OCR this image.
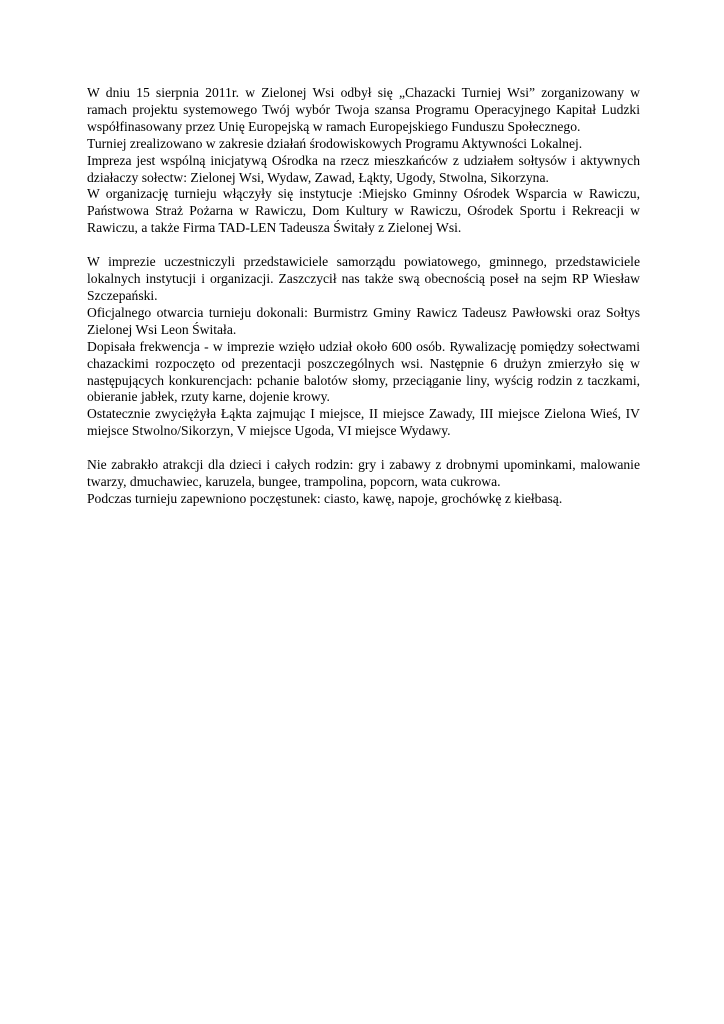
W dniu 15 sierpnia 2011r. w Zielonej Wsi odbył się „Chazacki Turniej Wsi” zorganizowany w ramach projektu systemowego Twój wybór Twoja szansa Programu Operacyjnego Kapitał Ludzki współfinasowany przez Unię Europejską w ramach Europejskiego Funduszu Społecznego.

Turniej zrealizowano w zakresie działań środowiskowych Programu Aktywności Lokalnej.

Impreza jest wspólną inicjatywą Ośrodka na rzecz mieszkańców z udziałem sołtysów i aktywnych działaczy sołectw: Zielonej Wsi, Wydaw, Zawad, Łąkty, Ugody, Stwolna, Sikorzyna.

W organizację turnieju włączyły się instytucje :Miejsko Gminny Ośrodek Wsparcia w Rawiczu, Państwowa Straż Pożarna w Rawiczu, Dom Kultury w Rawiczu, Ośrodek Sportu i Rekreacji w Rawiczu, a także Firma TAD-LEN Tadeusza Świtały z Zielonej Wsi.

W imprezie uczestniczyli przedstawiciele samorządu powiatowego, gminnego, przedstawiciele lokalnych instytucji i organizacji. Zaszczycił nas także swą obecnością poseł na sejm RP Wiesław Szczepański.

Oficjalnego otwarcia turnieju dokonali: Burmistrz Gminy Rawicz Tadeusz Pawłowski oraz Sołtys Zielonej Wsi Leon Świtała.

Dopisała frekwencja - w imprezie wzięło udział około 600 osób. Rywalizację pomiędzy sołectwami chazackimi rozpoczęto od prezentacji poszczególnych wsi. Następnie 6 drużyn zmierzyło się w następujących konkurencjach: pchanie balotów słomy, przeciąganie liny, wyścig rodzin z taczkami, obieranie jabłek, rzuty karne, dojenie krowy.

Ostatecznie zwyciężyła Łąkta zajmując I miejsce, II miejsce Zawady, III miejsce Zielona Wieś, IV miejsce Stwolno/Sikorzyn, V miejsce Ugoda, VI miejsce Wydawy.

Nie zabrakło atrakcji dla dzieci i całych rodzin: gry i zabawy z drobnymi upominkami, malowanie twarzy, dmuchawiec, karuzela, bungee, trampolina, popcorn, wata cukrowa.

Podczas turnieju zapewniono poczęstunek: ciasto, kawę, napoje, grochówkę z kiełbasą.
